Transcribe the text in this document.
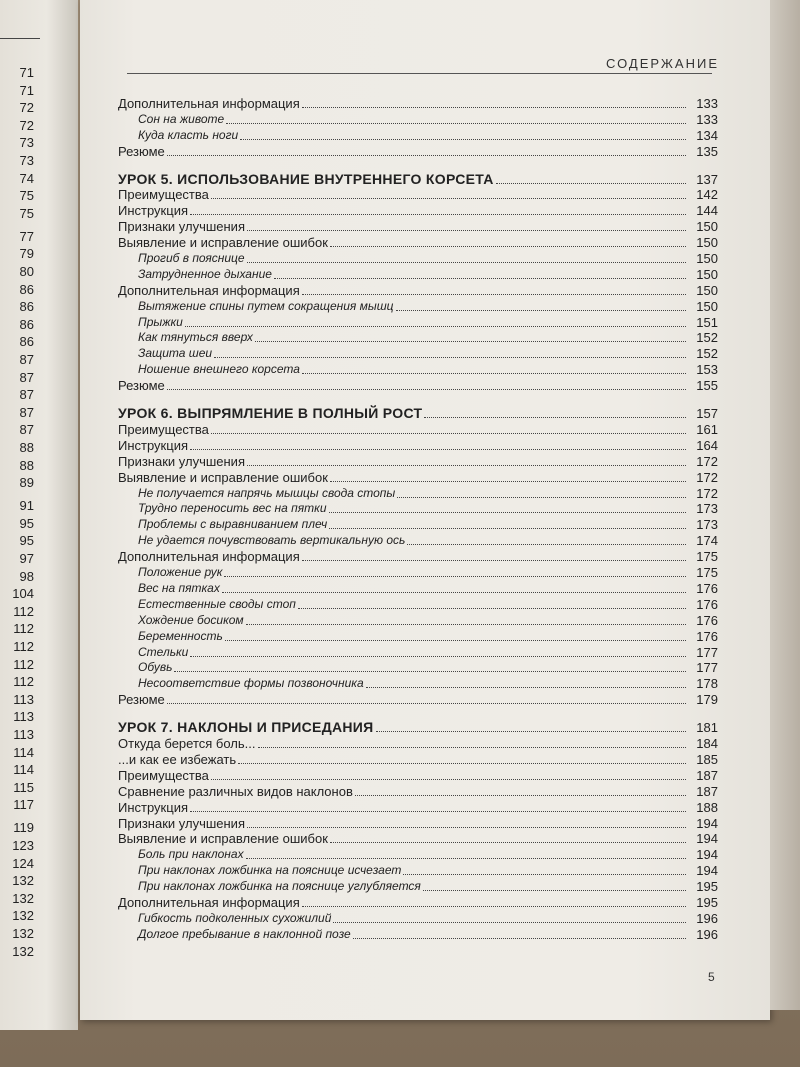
71
71
72
72
73
73
74
75
75
77
79
80
86
86
86
86
87
87
87
87
87
88
88
89
91
95
95
97
98
104
112
112
112
112
112
113
113
113
114
114
115
117
119
123
124
132
132
132
132
132
СОДЕРЖАНИЕ
Дополнительная информация	133
Сон на животе	133
Куда класть ноги	134
Резюме	135
УРОК 5. ИСПОЛЬЗОВАНИЕ ВНУТРЕННЕГО КОРСЕТА	137
Преимущества	142
Инструкция	144
Признаки улучшения	150
Выявление и исправление ошибок	150
Прогиб в пояснице	150
Затрудненное дыхание	150
Дополнительная информация	150
Вытяжение спины путем сокращения мышц	150
Прыжки	151
Как тянуться вверх	152
Защита шеи	152
Ношение внешнего корсета	153
Резюме	155
УРОК 6. ВЫПРЯМЛЕНИЕ В ПОЛНЫЙ РОСТ	157
Преимущества	161
Инструкция	164
Признаки улучшения	172
Выявление и исправление ошибок	172
Не получается напрячь мышцы свода стопы	172
Трудно переносить вес на пятки	173
Проблемы с выравниванием плеч	173
Не удается почувствовать вертикальную ось	174
Дополнительная информация	175
Положение рук	175
Вес на пятках	176
Естественные своды стоп	176
Хождение босиком	176
Беременность	176
Стельки	177
Обувь	177
Несоответствие формы позвоночника	178
Резюме	179
УРОК 7. НАКЛОНЫ И ПРИСЕДАНИЯ	181
Откуда берется боль...	184
...и как ее избежать	185
Преимущества	187
Сравнение различных видов наклонов	187
Инструкция	188
Признаки улучшения	194
Выявление и исправление ошибок	194
Боль при наклонах	194
При наклонах ложбинка на пояснице исчезает	194
При наклонах ложбинка на пояснице углубляется	195
Дополнительная информация	195
Гибкость подколенных сухожилий	196
Долгое пребывание в наклонной позе	196
5
